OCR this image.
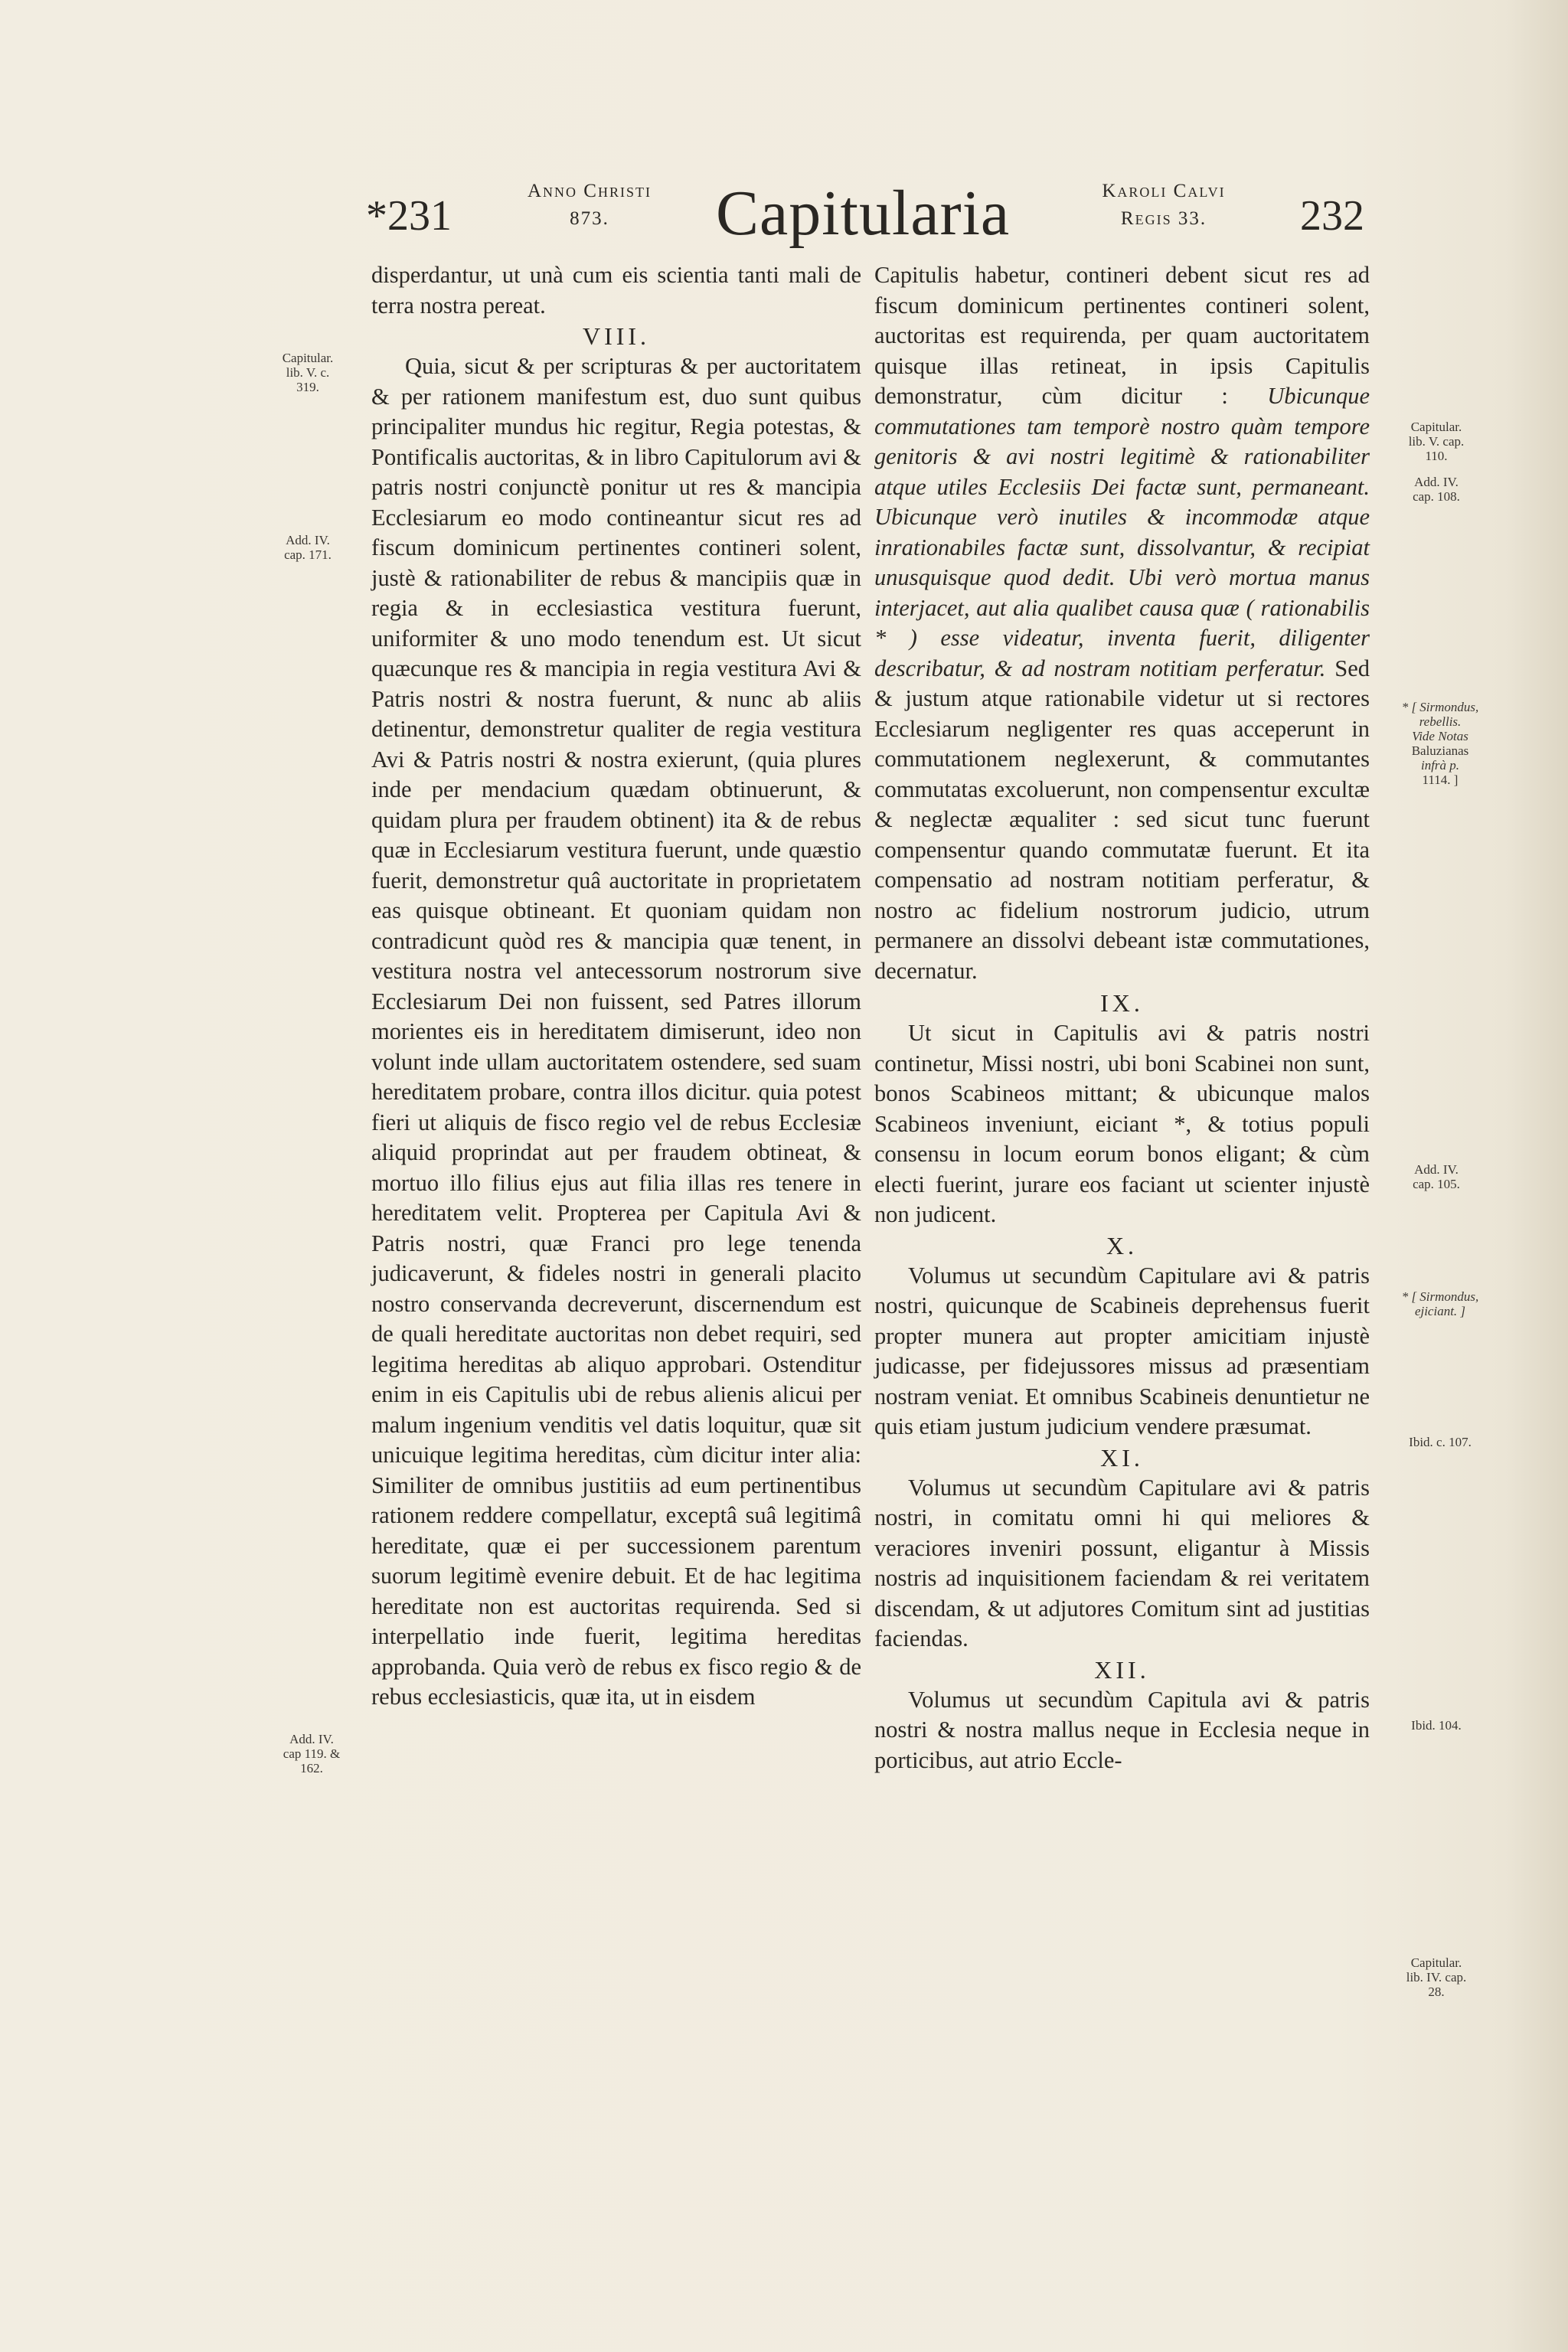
*231
Anno Christi
873.	Capitularia	Karoli Calvi
Regis 33.	232

disperdantur, ut unà cum eis scientia tanti mali de terra nostra pereat.

VIII.

Quia, sicut & per scripturas & per auctoritatem & per rationem manifestum est, duo sunt quibus principaliter mundus hic regitur, Regia potestas, & Pontificalis auctoritas, & in libro Capitulorum avi & patris nostri conjunctè ponitur ut res & mancipia Ecclesiarum eo modo contineantur sicut res ad fiscum dominicum pertinentes contineri solent, justè & rationabiliter de rebus & mancipiis quæ in regia & in ecclesiastica vestitura fuerunt, uniformiter & uno modo tenendum est. Ut sicut quæcunque res & mancipia in regia vestitura Avi & Patris nostri & nostra fuerunt, & nunc ab aliis detinentur, demonstretur qualiter de regia vestitura Avi & Patris nostri & nostra exierunt, (quia plures inde per mendacium quædam obtinuerunt, & quidam plura per fraudem obtinent) ita & de rebus quæ in Ecclesiarum vestitura fuerunt, unde quæstio fuerit, demonstretur quâ auctoritate in proprietatem eas quisque obtineant. Et quoniam quidam non contradicunt quòd res & mancipia quæ tenent, in vestitura nostra vel antecessorum nostrorum sive Ecclesiarum Dei non fuissent, sed Patres illorum morientes eis in hereditatem dimiserunt, ideo non volunt inde ullam auctoritatem ostendere, sed suam hereditatem probare, contra illos dicitur. quia potest fieri ut aliquis de fisco regio vel de rebus Ecclesiæ aliquid proprindat aut per fraudem obtineat, & mortuo illo filius ejus aut filia illas res tenere in hereditatem velit. Propterea per Capitula Avi & Patris nostri, quæ Franci pro lege tenenda judicaverunt, & fideles nostri in generali placito nostro conservanda decreverunt, discernendum est de quali hereditate auctoritas non debet requiri, sed legitima hereditas ab aliquo approbari. Ostenditur enim in eis Capitulis ubi de rebus alienis alicui per malum ingenium venditis vel datis loquitur, quæ sit unicuique legitima hereditas, cùm dicitur inter alia: Similiter de omnibus justitiis ad eum pertinentibus rationem reddere compellatur, exceptâ suâ legitimâ hereditate, quæ ei per successionem parentum suorum legitimè evenire debuit. Et de hac legitima hereditate non est auctoritas requirenda. Sed si interpellatio inde fuerit, legitima hereditas approbanda. Quia verò de rebus ex fisco regio & de rebus ecclesiasticis, quæ ita, ut in eisdem

Capitulis habetur, contineri debent sicut res ad fiscum dominicum pertinentes contineri solent, auctoritas est requirenda, per quam auctoritatem quisque illas retineat, in ipsis Capitulis demonstratur, cùm dicitur : Ubicunque commutationes tam temporè nostro quàm tempore genitoris & avi nostri legitimè & rationabiliter atque utiles Ecclesiis Dei factæ sunt, permaneant. Ubicunque verò inutiles & incommodæ atque inrationabiles factæ sunt, dissolvantur, & recipiat unusquisque quod dedit. Ubi verò mortua manus interjacet, aut alia qualibet causa quæ ( rationabilis * ) esse videatur, inventa fuerit, diligenter describatur, & ad nostram notitiam perferatur. Sed & justum atque rationabile videtur ut si rectores Ecclesiarum negligenter res quas acceperunt in commutationem neglexerunt, & commutantes commutatas excoluerunt, non compensentur excultæ & neglectæ æqualiter : sed sicut tunc fuerunt compensentur quando commutatæ fuerunt. Et ita compensatio ad nostram notitiam perferatur, & nostro ac fidelium nostrorum judicio, utrum permanere an dissolvi debeant istæ commutationes, decernatur.

IX.

Ut sicut in Capitulis avi & patris nostri continetur, Missi nostri, ubi boni Scabinei non sunt, bonos Scabineos mittant; & ubicunque malos Scabineos inveniunt, eiciant *, & totius populi consensu in locum eorum bonos eligant; & cùm electi fuerint, jurare eos faciant ut scienter injustè non judicent.

X.

Volumus ut secundùm Capitulare avi & patris nostri, quicunque de Scabineis deprehensus fuerit propter munera aut propter amicitiam injustè judicasse, per fidejussores missus ad præsentiam nostram veniat. Et omnibus Scabineis denuntietur ne quis etiam justum judicium vendere præsumat.

XI.

Volumus ut secundùm Capitulare avi & patris nostri, in comitatu omni hi qui meliores & veraciores inveniri possunt, eligantur à Missis nostris ad inquisitionem faciendam & rei veritatem discendam, & ut adjutores Comitum sint ad justitias faciendas.

XII.

Volumus ut secundùm Capitula avi & patris nostri & nostra mallus neque in Ecclesia neque in porticibus, aut atrio Eccle-

Capitular.
lib. V. c.
319.
Add. IV.
cap. 171.
Add. IV.
cap 119. &
162.
Capitular.
lib. V. cap.
110.
Add. IV.
cap. 108.
* [ Sirmondus, rebellis.
Vide Notas
Baluzianas
infrà p.
1114. ]
Add. IV.
cap. 105.
* [ Sirmondus, ejiciant. ]
Ibid. c. 107.
Ibid. 104.
Capitular.
lib. IV. cap.
28.
